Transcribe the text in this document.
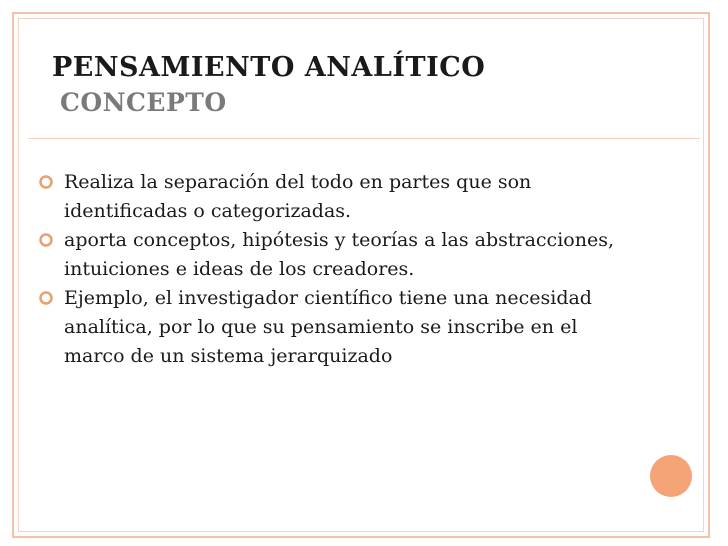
PENSAMIENTO ANALÍTICO
CONCEPTO
Realiza la separación del todo en partes que son identificadas o categorizadas.
aporta conceptos, hipótesis y teorías a las abstracciones, intuiciones e ideas de los creadores.
Ejemplo, el investigador científico tiene una necesidad analítica, por lo que su pensamiento se inscribe en el marco de un sistema jerarquizado
